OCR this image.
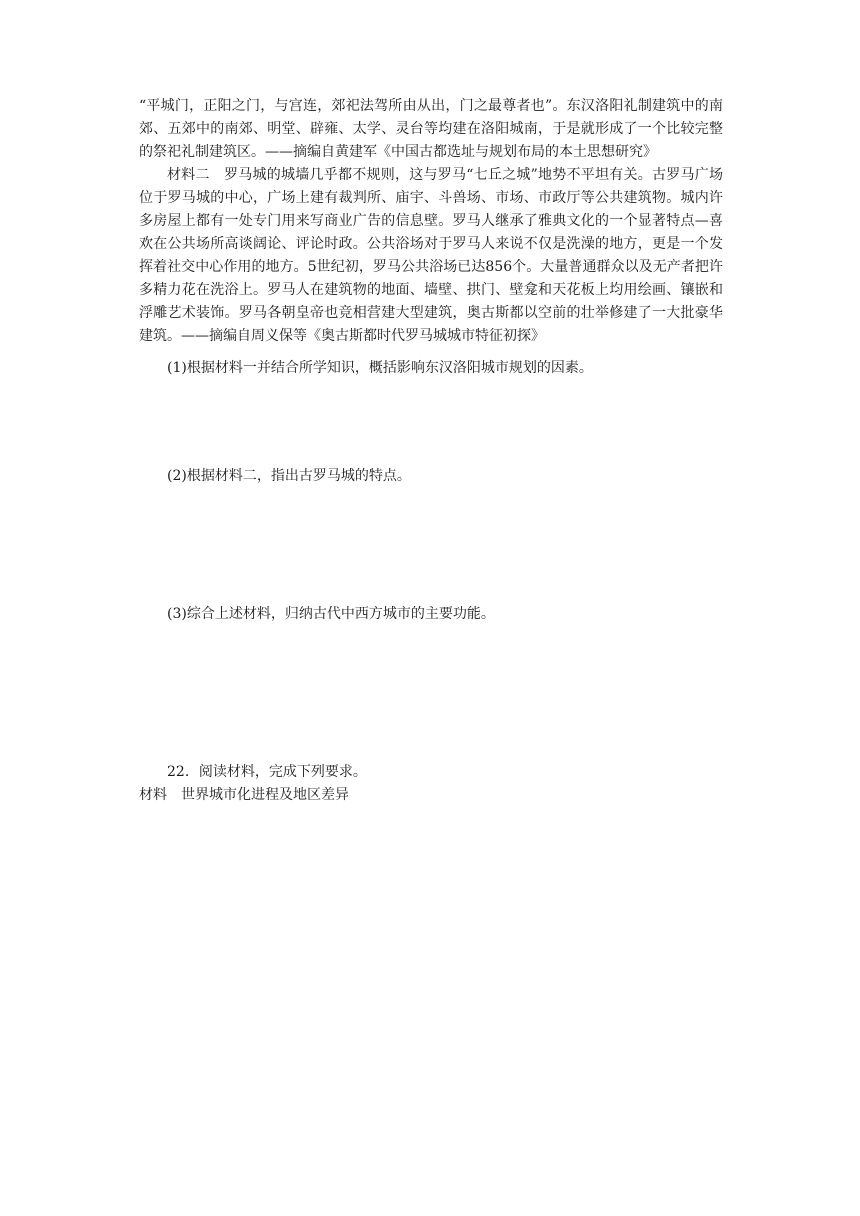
“平城门，正阳之门，与宫连，郊祀法驾所由从出，门之最尊者也”。东汉洛阳礼制建筑中的南郊、五郊中的南郊、明堂、辟雍、太学、灵台等均建在洛阳城南，于是就形成了一个比较完整的祭祀礼制建筑区。——摘编自黄建军《中国古都选址与规划布局的本土思想研究》

材料二　罗马城的城墙几乎都不规则，这与罗马“七丘之城”地势不平坦有关。古罗马广场位于罗马城的中心，广场上建有裁判所、庙宇、斗兽场、市场、市政厅等公共建筑物。城内许多房屋上都有一处专门用来写商业广告的信息壁。罗马人继承了雅典文化的一个显著特点—喜欢在公共场所高谈阔论、评论时政。公共浴场对于罗马人来说不仅是洗澡的地方，更是一个发挥着社交中心作用的地方。5世纪初，罗马公共浴场已达856个。大量普通群众以及无产者把许多精力花在洗浴上。罗马人在建筑物的地面、墙壁、拱门、壁龛和天花板上均用绘画、镶嵌和浮雕艺术装饰。罗马各朝皇帝也竞相营建大型建筑，奥古斯都以空前的壮举修建了一大批豪华建筑。——摘编自周义保等《奥古斯都时代罗马城城市特征初探》

(1)根据材料一并结合所学知识，概括影响东汉洛阳城市规划的因素。

(2)根据材料二，指出古罗马城的特点。

(3)综合上述材料，归纳古代中西方城市的主要功能。

22．阅读材料，完成下列要求。

材料　世界城市化进程及地区差异
